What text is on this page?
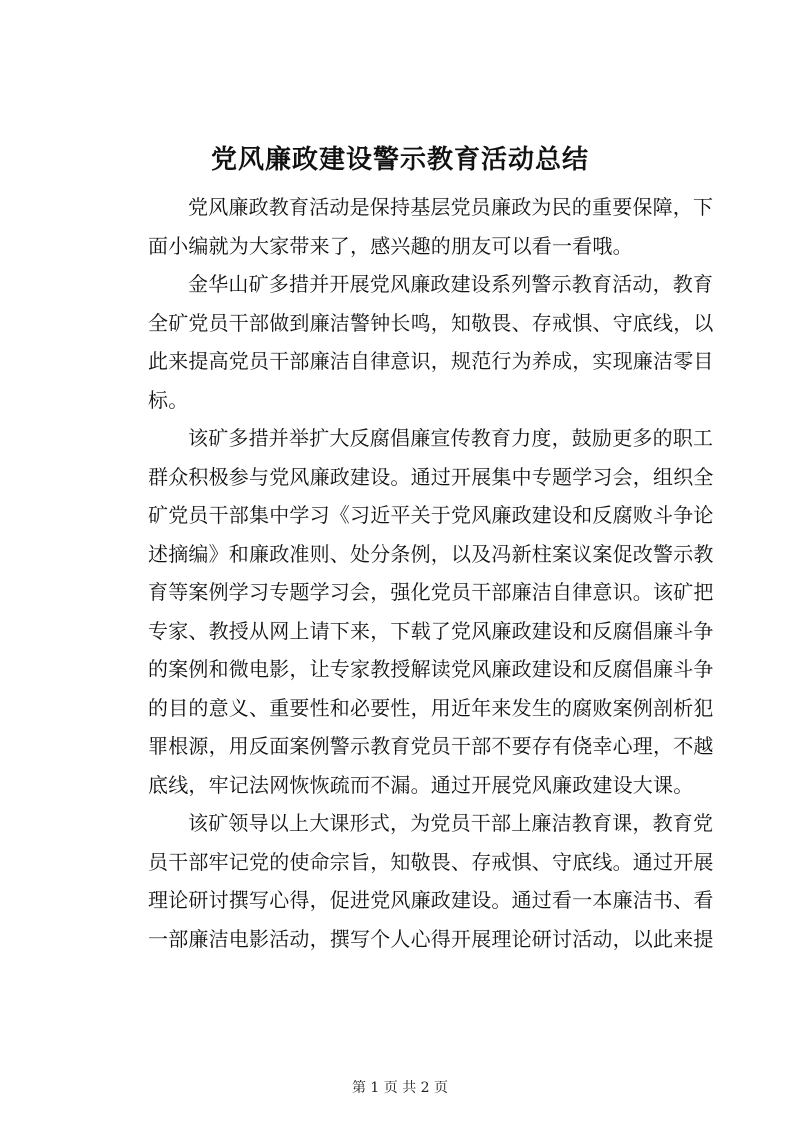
党风廉政建设警示教育活动总结
党风廉政教育活动是保持基层党员廉政为民的重要保障，下
面小编就为大家带来了，感兴趣的朋友可以看一看哦。
金华山矿多措并开展党风廉政建设系列警示教育活动，教育
全矿党员干部做到廉洁警钟长鸣，知敬畏、存戒惧、守底线，以
此来提高党员干部廉洁自律意识，规范行为养成，实现廉洁零目
标。
该矿多措并举扩大反腐倡廉宣传教育力度，鼓励更多的职工
群众积极参与党风廉政建设。通过开展集中专题学习会，组织全
矿党员干部集中学习《习近平关于党风廉政建设和反腐败斗争论
述摘编》和廉政准则、处分条例，以及冯新柱案议案促改警示教
育等案例学习专题学习会，强化党员干部廉洁自律意识。该矿把
专家、教授从网上请下来，下载了党风廉政建设和反腐倡廉斗争
的案例和微电影，让专家教授解读党风廉政建设和反腐倡廉斗争
的目的意义、重要性和必要性，用近年来发生的腐败案例剖析犯
罪根源，用反面案例警示教育党员干部不要存有侥幸心理，不越
底线，牢记法网恢恢疏而不漏。通过开展党风廉政建设大课。
该矿领导以上大课形式，为党员干部上廉洁教育课，教育党
员干部牢记党的使命宗旨，知敬畏、存戒惧、守底线。通过开展
理论研讨撰写心得，促进党风廉政建设。通过看一本廉洁书、看
一部廉洁电影活动，撰写个人心得开展理论研讨活动，以此来提
第 1 页 共 2 页
